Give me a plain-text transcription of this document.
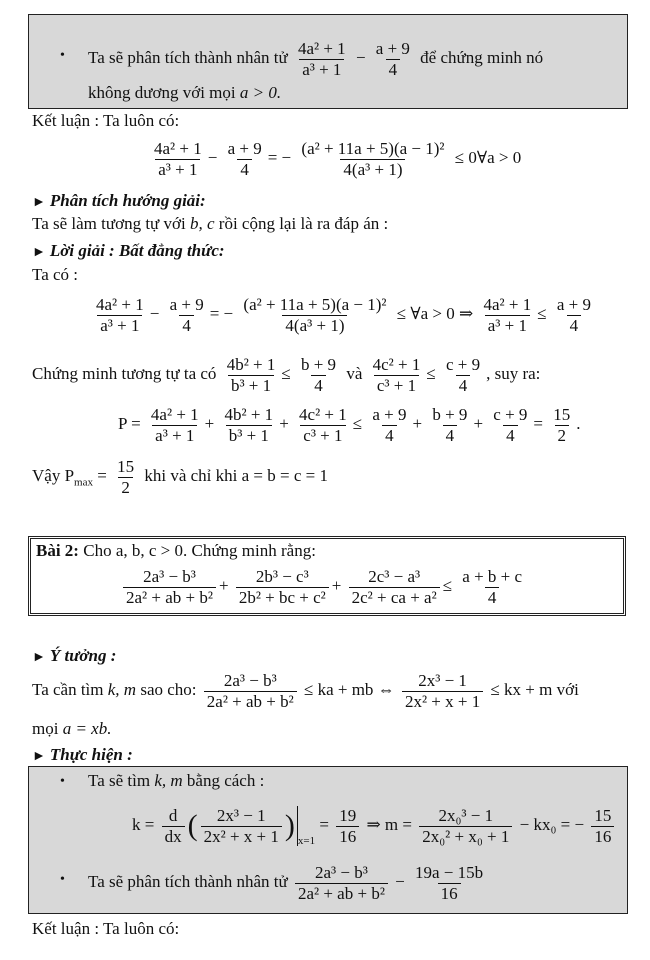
• Ta sẽ phân tích thành nhân tử $\frac{\text{4a² + 1}}{\text{a³ + 1}} - \frac{a + 9}{4}$ để chứng minh nó
không dương với mọi a > 0.
Kết luận : Ta luôn có:
$\frac{\text{4a² + 1}}{\text{a³ + 1}} - \frac{a + 9}{4}$ = − $\frac{\text{(a² + 11a + 5)(a − 1)²}}{\text{4(a³ + 1)}}$ ≤ 0∀a > 0
► Phân tích hướng giải:
Ta sẽ làm tương tự với b, c rồi cộng lại là ra đáp án :
► Lời giải : Bất đẳng thức:
Ta có :
$\frac{\text{4a² + 1}}{\text{a³ + 1}} - \frac{a + 9}{4}$ = − $\frac{\text{(a² + 11a + 5)(a − 1)²}}{\text{4(a³ + 1)}}$ ≤ ∀a > 0 ⇒ $\frac{\text{4a² + 1}}{\text{a³ + 1}} \le \frac{a + 9}{4}$
Chứng minh tương tự ta có $\frac{\text{4b² + 1}}{\text{b³ + 1}} \le \frac{b + 9}{4}$ và $\frac{\text{4c² + 1}}{\text{c³ + 1}} \le \frac{c + 9}{4}$ , suy ra:
$P = \frac{\text{4a² + 1}}{\text{a³ + 1}} + \frac{\text{4b² + 1}}{\text{b³ + 1}} + \frac{\text{4c² + 1}}{\text{c³ + 1}} \le \frac{a + 9}{4} + \frac{b + 9}{4} + \frac{c + 9}{4} = \frac{15}{2}$ .
Vậy $P_{max} = \frac{15}{2}$ khi và chỉ khi a = b = c = 1
Bài 2: Cho a, b, c > 0. Chứng minh rằng:
$\frac{\text{2a³ − b³}}{\text{2a² + ab + b²}} + \frac{\text{2b³ − c³}}{\text{2b² + bc + c²}} + \frac{\text{2c³ − a³}}{\text{2c² + ca + a²}} \le \frac{a + b + c}{4}$
► Ý tưởng :
Ta cần tìm k, m sao cho: $\frac{\text{2a³ − b³}}{\text{2a² + ab + b²}}$ ≤ ka + mb ⇔ $\frac{\text{2x³ − 1}}{\text{2x² + x + 1}}$ ≤ kx + m với
mọi a = xb.
► Thực hiện :
• Ta sẽ tìm k, m bằng cách :
$k = \frac{d}{dx}$ ( $\frac{\text{2x³ − 1}}{\text{2x² + x + 1}}$ ) $_{x=1} = \frac{19}{16}$ ⇒ $m = \frac{\text{2x₀³ − 1}}{\text{2x₀² + x₀ + 1}} - kx_0$ = − $\frac{15}{16}$
• Ta sẽ phân tích thành nhân tử $\frac{\text{2a³ − b³}}{\text{2a² + ab + b²}} - \frac{19a - 15b}{16}$
Kết luận : Ta luôn có:
